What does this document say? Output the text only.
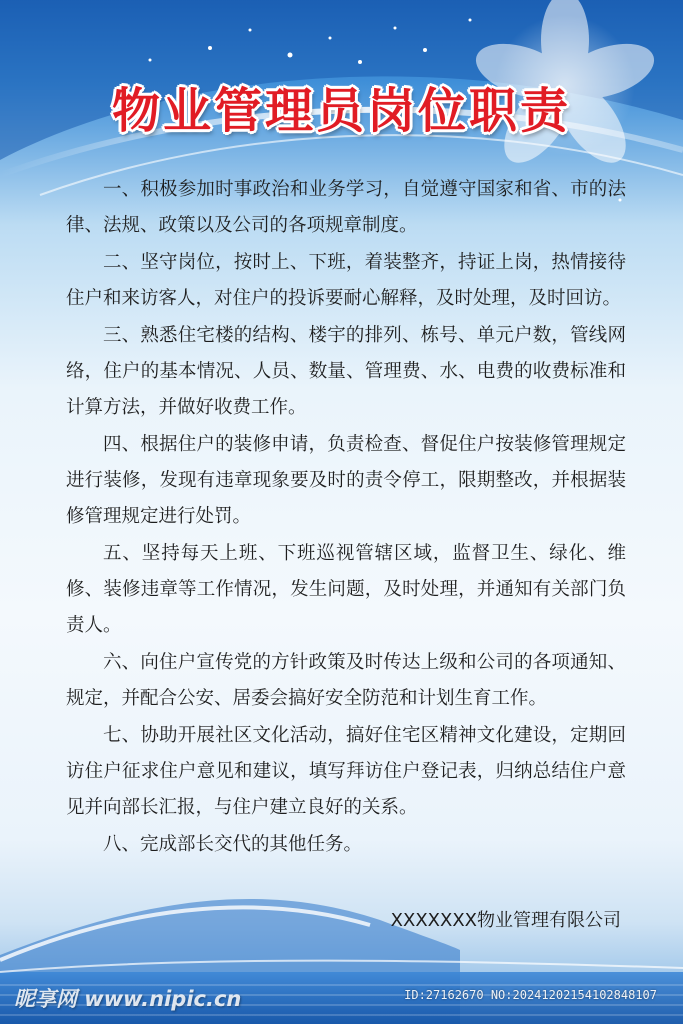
物业管理员岗位职责

一、积极参加时事政治和业务学习，自觉遵守国家和省、市的法律、法规、政策以及公司的各项规章制度。

二、坚守岗位，按时上、下班，着装整齐，持证上岗，热情接待住户和来访客人，对住户的投诉要耐心解释，及时处理，及时回访。

三、熟悉住宅楼的结构、楼宇的排列、栋号、单元户数，管线网络，住户的基本情况、人员、数量、管理费、水、电费的收费标准和计算方法，并做好收费工作。

四、根据住户的装修申请，负责检查、督促住户按装修管理规定进行装修，发现有违章现象要及时的责令停工，限期整改，并根据装修管理规定进行处罚。

五、坚持每天上班、下班巡视管辖区域，监督卫生、绿化、维修、装修违章等工作情况，发生问题，及时处理，并通知有关部门负责人。

六、向住户宣传党的方针政策及时传达上级和公司的各项通知、规定，并配合公安、居委会搞好安全防范和计划生育工作。

七、协助开展社区文化活动，搞好住宅区精神文化建设，定期回访住户征求住户意见和建议，填写拜访住户登记表，归纳总结住户意见并向部长汇报，与住户建立良好的关系。

八、完成部长交代的其他任务。

XXXXXXX物业管理有限公司
昵享网 www.nipic.cn	ID:27162670 NO:20241202154102848107
